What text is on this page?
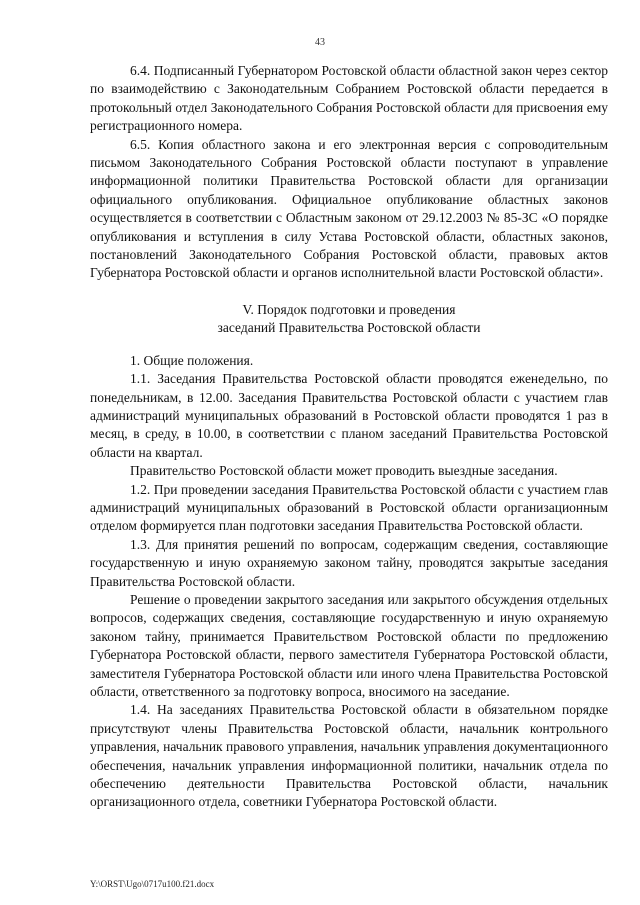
43

6.4. Подписанный Губернатором Ростовской области областной закон через сектор по взаимодействию с Законодательным Собранием Ростовской области передается в протокольный отдел Законодательного Собрания Ростовской области для присвоения ему регистрационного номера.

6.5. Копия областного закона и его электронная версия с сопроводительным письмом Законодательного Собрания Ростовской области поступают в управление информационной политики Правительства Ростовской области для организации официального опубликования. Официальное опубликование областных законов осуществляется в соответствии с Областным законом от 29.12.2003 № 85-ЗС «О порядке опубликования и вступления в силу Устава Ростовской области, областных законов, постановлений Законодательного Собрания Ростовской области, правовых актов Губернатора Ростовской области и органов исполнительной власти Ростовской области».

V. Порядок подготовки и проведения
заседаний Правительства Ростовской области

1. Общие положения.

1.1. Заседания Правительства Ростовской области проводятся еженедельно, по понедельникам, в 12.00. Заседания Правительства Ростовской области с участием глав администраций муниципальных образований в Ростовской области проводятся 1 раз в месяц, в среду, в 10.00, в соответствии с планом заседаний Правительства Ростовской области на квартал.

Правительство Ростовской области может проводить выездные заседания.

1.2. При проведении заседания Правительства Ростовской области с участием глав администраций муниципальных образований в Ростовской области организационным отделом формируется план подготовки заседания Правительства Ростовской области.

1.3. Для принятия решений по вопросам, содержащим сведения, составляющие государственную и иную охраняемую законом тайну, проводятся закрытые заседания Правительства Ростовской области.

Решение о проведении закрытого заседания или закрытого обсуждения отдельных вопросов, содержащих сведения, составляющие государственную и иную охраняемую законом тайну, принимается Правительством Ростовской области по предложению Губернатора Ростовской области, первого заместителя Губернатора Ростовской области, заместителя Губернатора Ростовской области или иного члена Правительства Ростовской области, ответственного за подготовку вопроса, вносимого на заседание.

1.4. На заседаниях Правительства Ростовской области в обязательном порядке присутствуют члены Правительства Ростовской области, начальник контрольного управления, начальник правового управления, начальник управления документационного обеспечения, начальник управления информационной политики, начальник отдела по обеспечению деятельности Правительства Ростовской области, начальник организационного отдела, советники Губернатора Ростовской области.

Y:\ORST\Ugo\0717u100.f21.docx
